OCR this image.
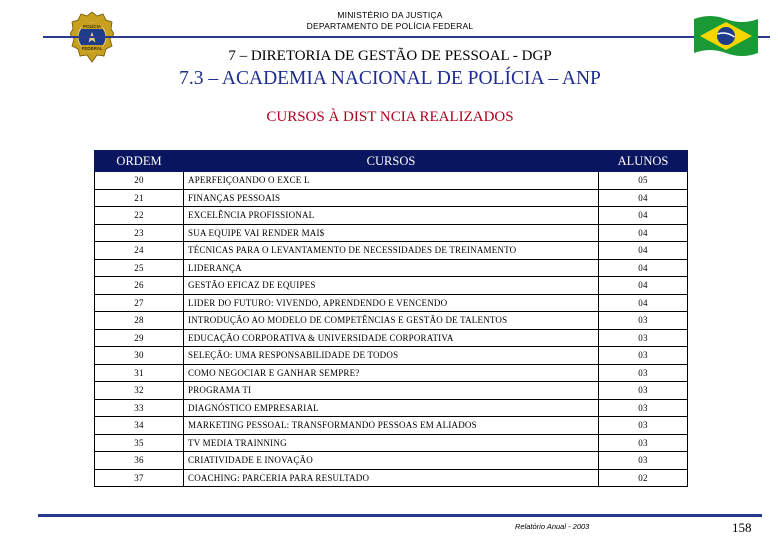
MINISTÉRIO DA JUSTIÇA
DEPARTAMENTO DE POLÍCIA FEDERAL
POLÍCIA
FEDERAL	7 – DIRETORIA DE GESTÃO DE PESSOAL - DGP
7.3 – ACADEMIA NACIONAL DE POLÍCIA – ANP
CURSOS À DIST NCIA REALIZADOS
ORDEM	CURSOS	ALUNOS
20	APERFEIÇOANDO O EXCE L	05
21	FINANÇAS PESSOAIS	04
22	EXCELÊNCIA PROFISSIONAL	04
23	SUA EQUIPE VAI RENDER MAI$	04
24	TÉCNICAS PARA O LEVANTAMENTO DE NECESSIDADES DE TREINAMENTO	04
25	LIDERANÇA	04
26	GESTÃO EFICAZ DE EQUIPES	04
27	LIDER DO FUTURO: VIVENDO, APRENDENDO E VENCENDO	04
28	INTRODUÇÃO AO MODELO DE COMPETÊNCIAS E GESTÃO DE TALENTOS	03
29	EDUCAÇÃO CORPORATIVA & UNIVERSIDADE CORPORATIVA	03
30	SELEÇÃO: UMA RESPONSABILIDADE DE TODOS	03
31	COMO NEGOCIAR E GANHAR SEMPRE?	03
32	PROGRAMA TI	03
33	DIAGNÓSTICO EMPRESARIAL	03
34	MARKETING PESSOAL: TRANSFORMANDO PESSOAS EM ALIADOS	03
35	TV MEDIA TRAINNING	03
36	CRIATIVIDADE E INOVAÇÃO	03
37	COACHING: PARCERIA PARA RESULTADO	02
Relatório Anual - 2003	158
